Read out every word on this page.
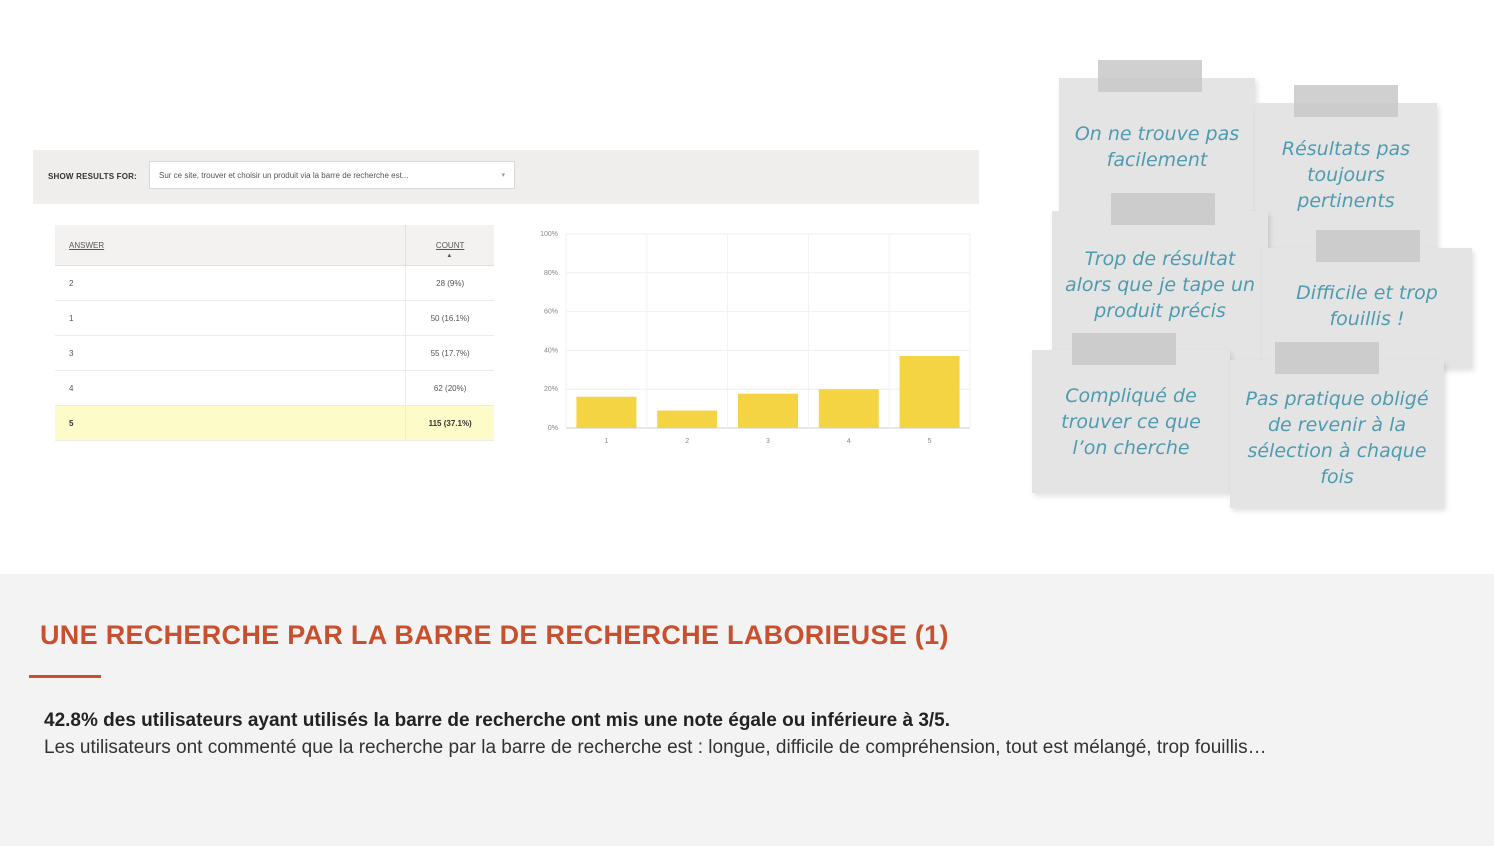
SHOW RESULTS FOR:	Sur ce site, trouver et choisir un produit via la barre de recherche est...	▾
ANSWER	COUNT
▲

2	28 (9%)
1	50 (16.1%)
3	55 (17.7%)
4	62 (20%)
5	115 (37.1%)
0%
20%
40%
60%
80%
100%
1	2	3	4	5
On ne trouve pas facilement	Résultats pas toujours pertinents
Trop de résultat alors que je tape un produit précis
Difficile et trop fouillis !
Compliqué de trouver ce que l’on cherche
Pas pratique obligé de revenir à la sélection à chaque fois
UNE RECHERCHE PAR LA BARRE DE RECHERCHE LABORIEUSE (1)
42.8% des utilisateurs ayant utilisés la barre de recherche ont mis une note égale ou inférieure à 3/5.
Les utilisateurs ont commenté que la recherche par la barre de recherche est : longue, difficile de compréhension, tout est mélangé, trop fouillis…
